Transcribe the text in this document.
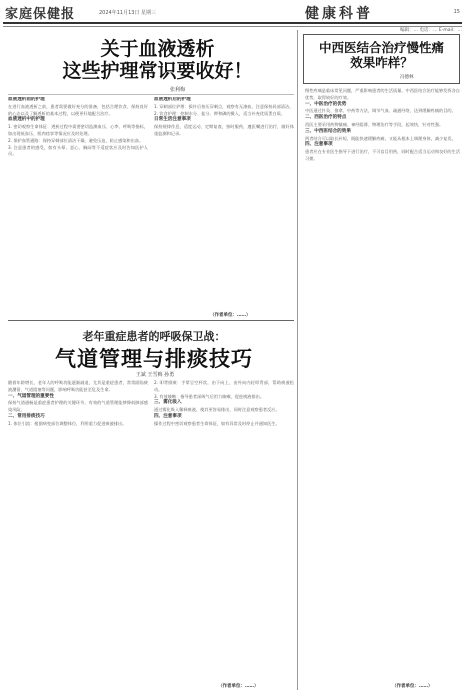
家庭保健报	2024年11月13日 星期三	健康科普	15
编辑：… 电话：… E-mail：…
关于血液透析
这些护理常识要收好！
张利梅
血液透析前的护理

在进行血液透析之前，患者需要做好充分的准备，包括合理饮食、保持良好的心态以及了解透析的基本过程，以便更好地配合治疗。

血液透析中的护理

1. 密切观察生命体征：透析过程中需要密切监测血压、心率、呼吸等指标，如出现低血压、肌肉痉挛等情况应及时处理。

2. 保护血管通路：保持穿刺部位清洁干燥，避免压迫，防止感染和出血。

3. 注意患者的感受，如有头晕、恶心、胸闷等不适症状应及时告知医护人员。

血液透析后的护理

1. 穿刺部位护理：拔针后按压穿刺点，观察有无渗血，注意保持局部清洁。

2. 饮食护理：控制水分、盐分、钾和磷的摄入，适当补充优质蛋白质。

日常生活注意事项

保持规律作息，适度运动，定期复查，按时服药，遵医嘱进行治疗，做好体重监测和记录。

（作者单位：……）
老年重症患者的呼吸保卫战：
气道管理与排痰技巧
王斌 王雪梅 孙勇

随着年龄增长，老年人的呼吸功能逐渐减退，尤其是重症患者，常常面临痰液潴留、气道阻塞等问题，影响呼吸功能甚至危及生命。

一、气道管理的重要性

保持气道通畅是重症患者护理的关键环节，有效的气道管理能够降低肺部感染风险。

二、常用排痰技巧

1. 体位引流：根据病变部位调整体位，利用重力促进痰液排出。

2. 叩背排痰：手掌呈空杯状，由下向上、由外向内轻叩背部，帮助痰液松动。

3. 有效咳嗽：指导患者深吸气后用力咳嗽，促进痰液排出。

三、雾化吸入

通过雾化吸入稀释痰液，使其更容易排出，同时注意观察患者反应。

四、注意事项

操作过程中密切观察患者生命体征，如有异常及时停止并通知医生。

（作者单位：……）
中西医结合治疗慢性痛
效果咋样？
冯德林

慢性疼痛是临床常见问题，严重影响患者的生活质量。中西医结合治疗能够发挥各自优势，取得较好的疗效。

一、中医治疗的优势

中医通过针灸、推拿、中药等方法，调节气血、疏通经络，达到缓解疼痛的目的。

二、西医治疗的特点

西医主要采用药物镇痛、神经阻滞、物理治疗等手段，起效快，针对性强。

三、中西医结合的效果

两者结合可以取长补短，既能快速缓解疼痛，又能从根本上调理身体，减少复发。

四、注意事项

患者应在专业医生指导下进行治疗，不可盲目用药，同时配合适当运动和良好的生活习惯。

（作者单位：……）
